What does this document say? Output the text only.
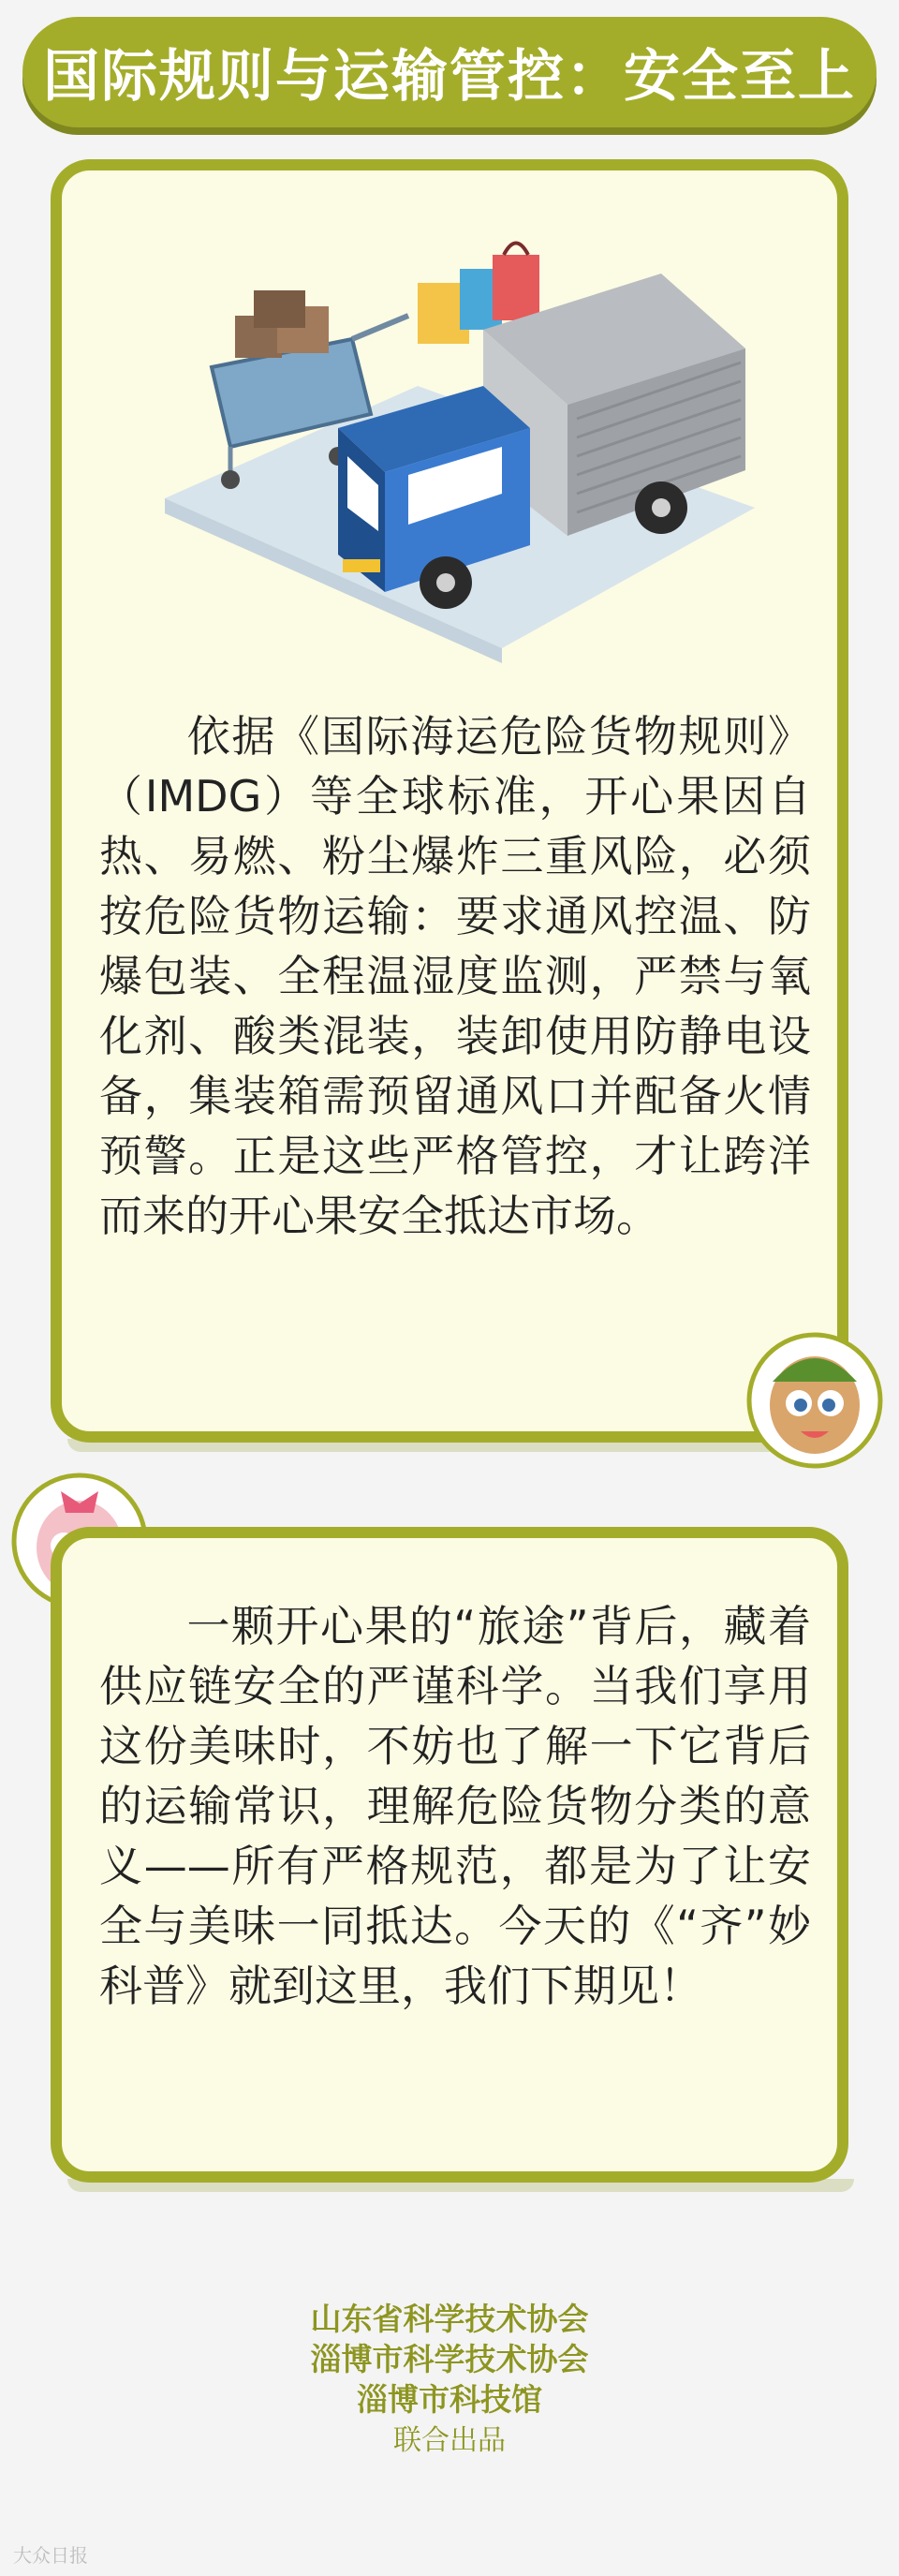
国际规则与运输管控：安全至上

依据《国际海运危险货物规则》（IMDG）等全球标准，开心果因自热、易燃、粉尘爆炸三重风险，必须按危险货物运输：要求通风控温、防爆包装、全程温湿度监测，严禁与氧化剂、酸类混装，装卸使用防静电设备，集装箱需预留通风口并配备火情预警。正是这些严格管控，才让跨洋而来的开心果安全抵达市场。

一颗开心果的“旅途”背后，藏着供应链安全的严谨科学。当我们享用这份美味时，不妨也了解一下它背后的运输常识，理解危险货物分类的意义——所有严格规范，都是为了让安全与美味一同抵达。今天的《“齐”妙科普》就到这里，我们下期见！

山东省科学技术协会
淄博市科学技术协会
淄博市科技馆
联合出品
大众日报
